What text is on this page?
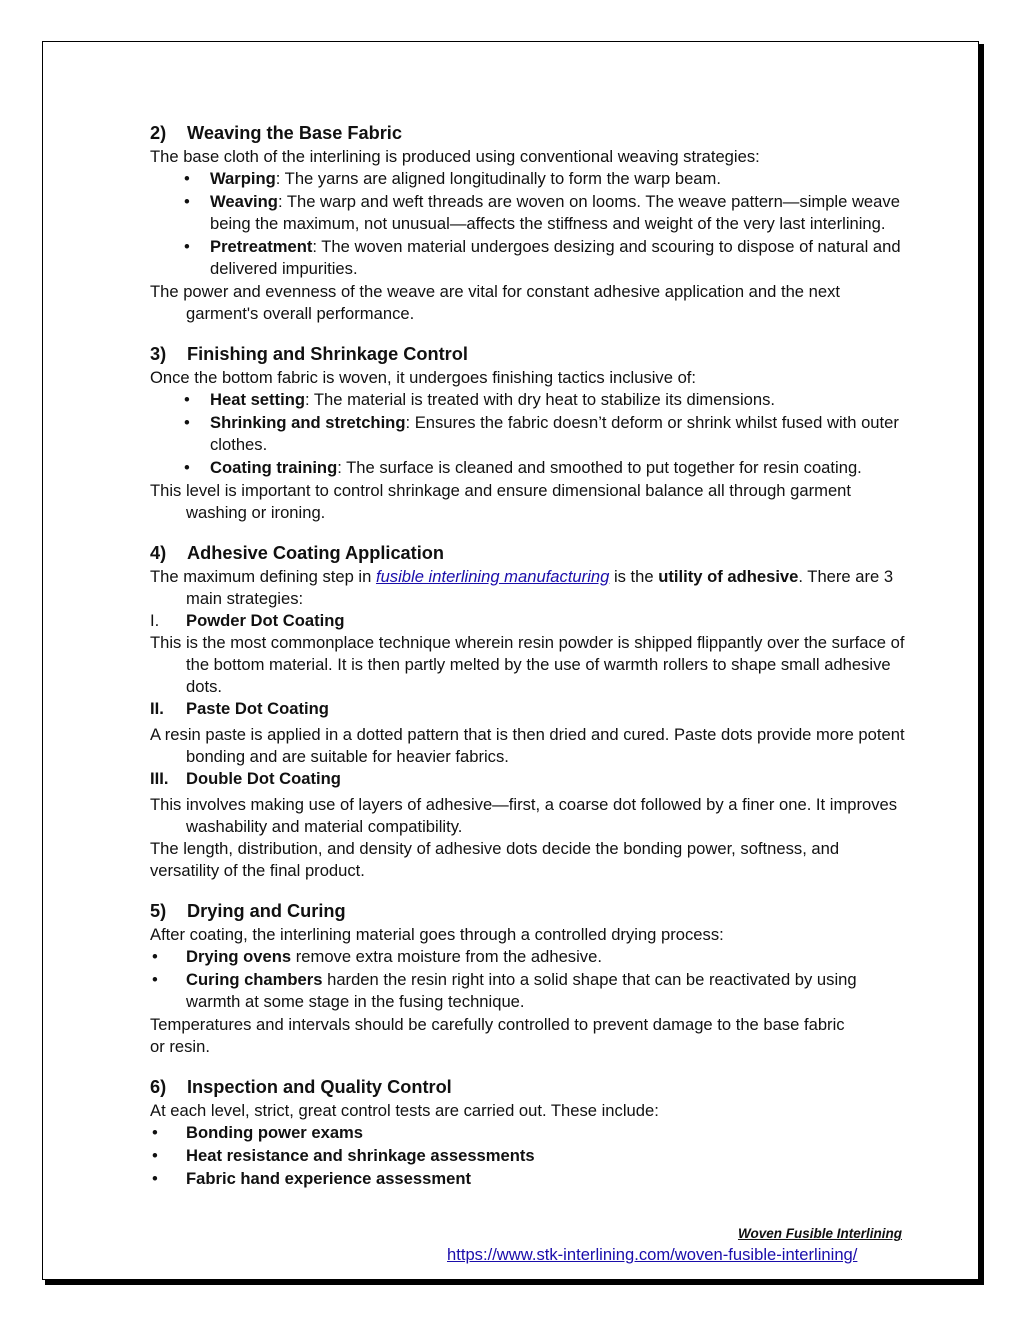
2) Weaving the Base Fabric

The base cloth of the interlining is produced using conventional weaving strategies:

• Warping: The yarns are aligned longitudinally to form the warp beam.
• Weaving: The warp and weft threads are woven on looms. The weave pattern—simple weave being the maximum, not unusual—affects the stiffness and weight of the very last interlining.
• Pretreatment: The woven material undergoes desizing and scouring to dispose of natural and delivered impurities.

The power and evenness of the weave are vital for constant adhesive application and the next garment's overall performance.

3) Finishing and Shrinkage Control

Once the bottom fabric is woven, it undergoes finishing tactics inclusive of:

• Heat setting: The material is treated with dry heat to stabilize its dimensions.
• Shrinking and stretching: Ensures the fabric doesn’t deform or shrink whilst fused with outer clothes.
• Coating training: The surface is cleaned and smoothed to put together for resin coating.

This level is important to control shrinkage and ensure dimensional balance all through garment washing or ironing.

4) Adhesive Coating Application

The maximum defining step in fusible interlining manufacturing is the utility of adhesive. There are 3 main strategies:

I. Powder Dot Coating

This is the most commonplace technique wherein resin powder is shipped flippantly over the surface of the bottom material. It is then partly melted by the use of warmth rollers to shape small adhesive dots.

II. Paste Dot Coating

A resin paste is applied in a dotted pattern that is then dried and cured. Paste dots provide more potent bonding and are suitable for heavier fabrics.

III. Double Dot Coating

This involves making use of layers of adhesive—first, a coarse dot followed by a finer one. It improves washability and material compatibility.

The length, distribution, and density of adhesive dots decide the bonding power, softness, and

versatility of the final product.

5) Drying and Curing

After coating, the interlining material goes through a controlled drying process:

• Drying ovens remove extra moisture from the adhesive.
• Curing chambers harden the resin right into a solid shape that can be reactivated by using warmth at some stage in the fusing technique.

Temperatures and intervals should be carefully controlled to prevent damage to the base fabric

or resin.

6) Inspection and Quality Control

At each level, strict, great control tests are carried out. These include:

• Bonding power exams
• Heat resistance and shrinkage assessments
• Fabric hand experience assessment
Woven Fusible Interlining
https://www.stk-interlining.com/woven-fusible-interlining/
